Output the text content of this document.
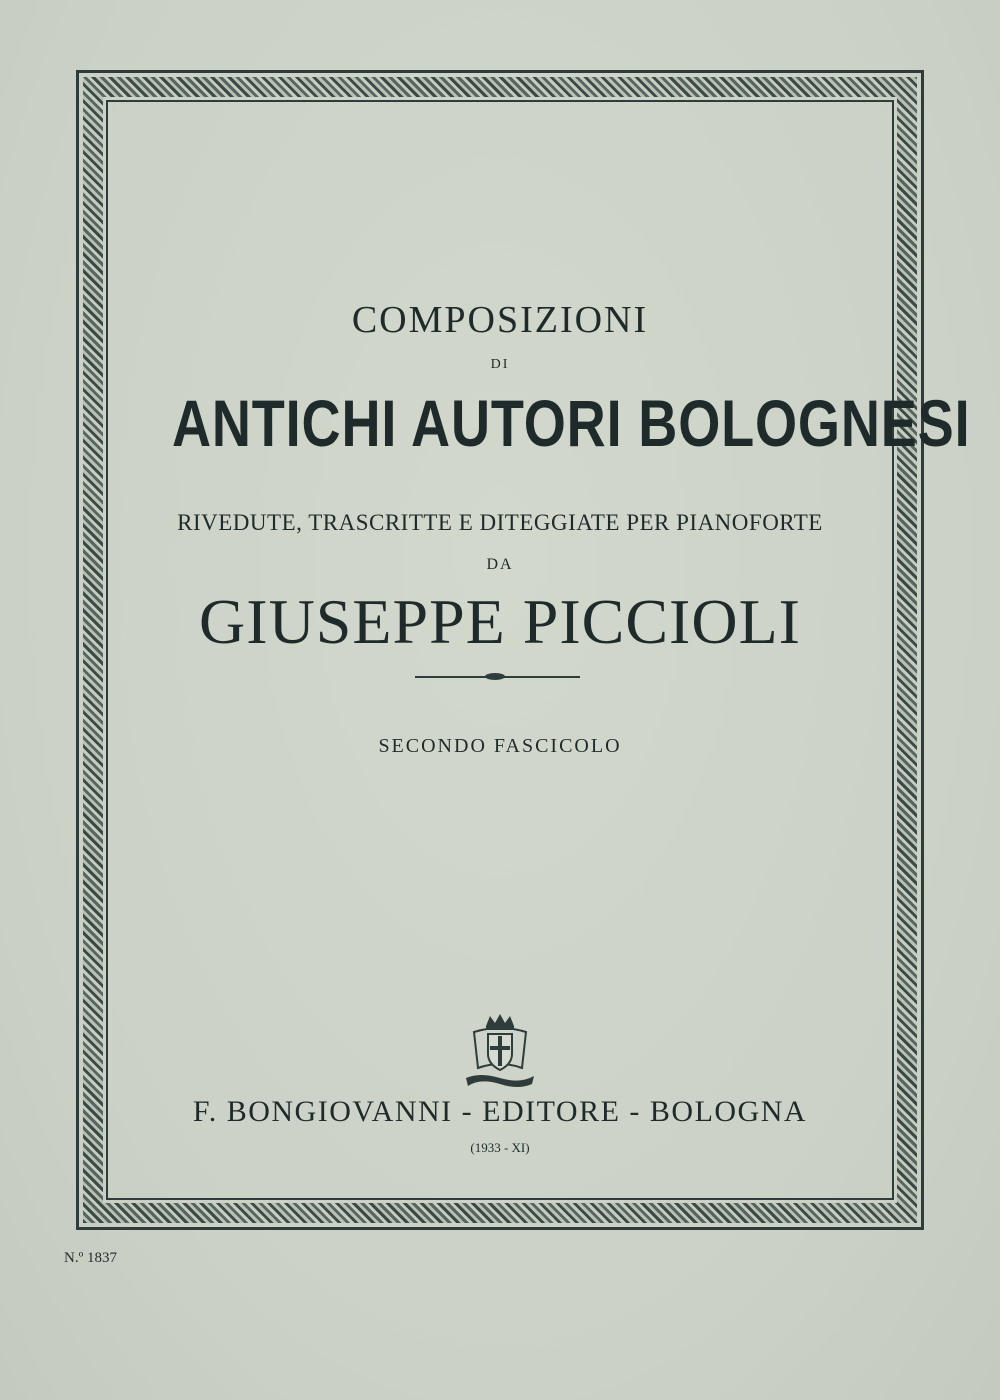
COMPOSIZIONI

DI

ANTICHI AUTORI BOLOGNESI

RIVEDUTE, TRASCRITTE E DITEGGIATE PER PIANOFORTE

DA

GIUSEPPE PICCIOLI

SECONDO FASCICOLO

F. BONGIOVANNI - EDITORE - BOLOGNA

(1933 - XI)

N.º 1837
